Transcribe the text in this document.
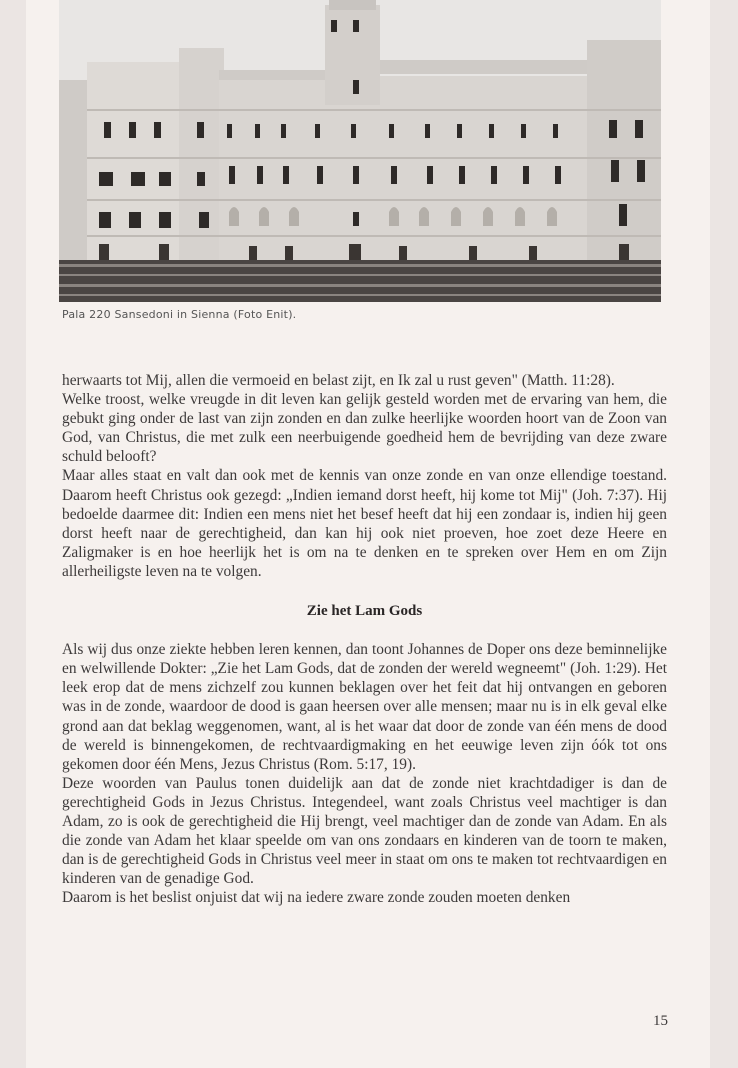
Pala 220 Sansedoni in Sienna (Foto Enit).

herwaarts tot Mij, allen die vermoeid en belast zijt, en Ik zal u rust geven" (Matth. 11:28).

Welke troost, welke vreugde in dit leven kan gelijk gesteld worden met de ervaring van hem, die gebukt ging onder de last van zijn zonden en dan zulke heerlijke woorden hoort van de Zoon van God, van Christus, die met zulk een neerbuigende goedheid hem de bevrijding van deze zware schuld belooft?

Maar alles staat en valt dan ook met de kennis van onze zonde en van onze ellendige toestand. Daarom heeft Christus ook gezegd: „Indien iemand dorst heeft, hij kome tot Mij" (Joh. 7:37). Hij bedoelde daarmee dit: Indien een mens niet het besef heeft dat hij een zondaar is, indien hij geen dorst heeft naar de gerechtigheid, dan kan hij ook niet proeven, hoe zoet deze Heere en Zaligmaker is en hoe heerlijk het is om na te denken en te spreken over Hem en om Zijn allerheiligste leven na te volgen.

Zie het Lam Gods

Als wij dus onze ziekte hebben leren kennen, dan toont Johannes de Doper ons deze beminnelijke en welwillende Dokter: „Zie het Lam Gods, dat de zonden der wereld wegneemt" (Joh. 1:29). Het leek erop dat de mens zichzelf zou kunnen beklagen over het feit dat hij ontvangen en geboren was in de zonde, waardoor de dood is gaan heersen over alle mensen; maar nu is in elk geval elke grond aan dat beklag weggenomen, want, al is het waar dat door de zonde van één mens de dood de wereld is binnengekomen, de rechtvaardigmaking en het eeuwige leven zijn óók tot ons gekomen door één Mens, Jezus Christus (Rom. 5:17, 19).

Deze woorden van Paulus tonen duidelijk aan dat de zonde niet krachtdadiger is dan de gerechtigheid Gods in Jezus Christus. Integendeel, want zoals Christus veel machtiger is dan Adam, zo is ook de gerechtigheid die Hij brengt, veel machtiger dan de zonde van Adam. En als die zonde van Adam het klaar speelde om van ons zondaars en kinderen van de toorn te maken, dan is de gerechtigheid Gods in Christus veel meer in staat om ons te maken tot rechtvaardigen en kinderen van de genadige God.

Daarom is het beslist onjuist dat wij na iedere zware zonde zouden moeten denken

15
